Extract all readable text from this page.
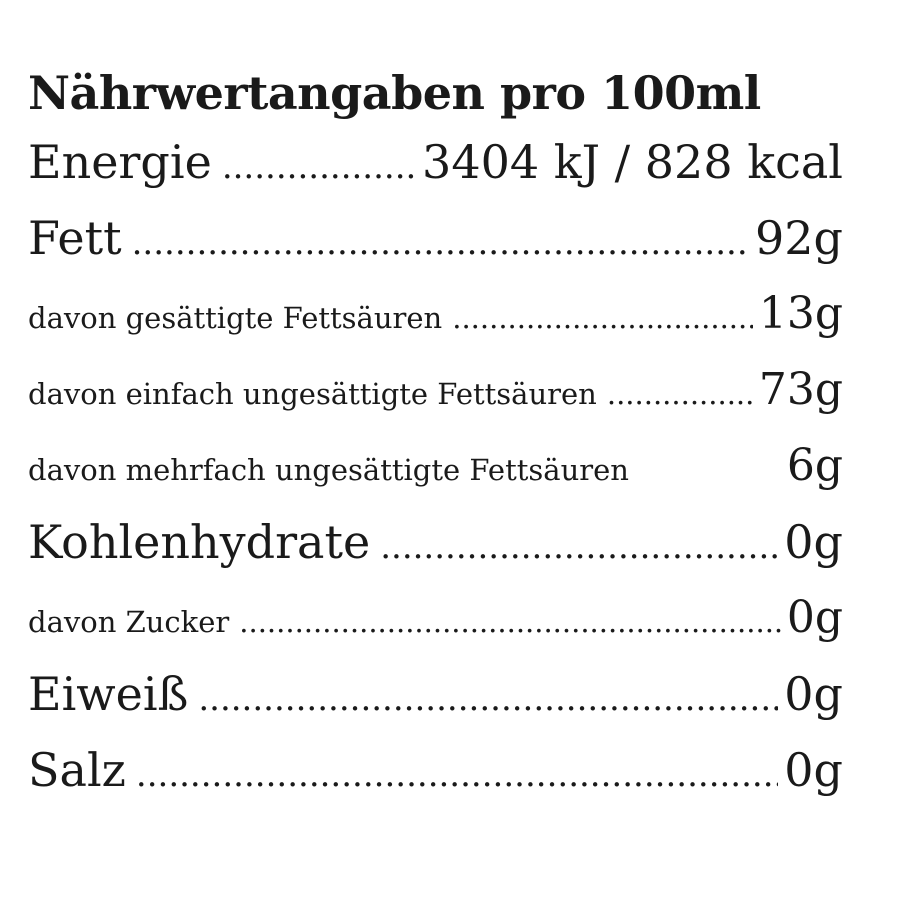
Nährwertangaben pro 100ml
Energie .....	3404 kJ / 828 kcal
Fett .....	92g
davon gesättigte Fettsäuren .....	13g
davon einfach ungesättigte Fettsäuren .....	73g
davon mehrfach ungesättigte Fettsäuren	6g
Kohlenhydrate .....	0g
davon Zucker .....	0g
Eiweiß .....	0g
Salz .....	0g
